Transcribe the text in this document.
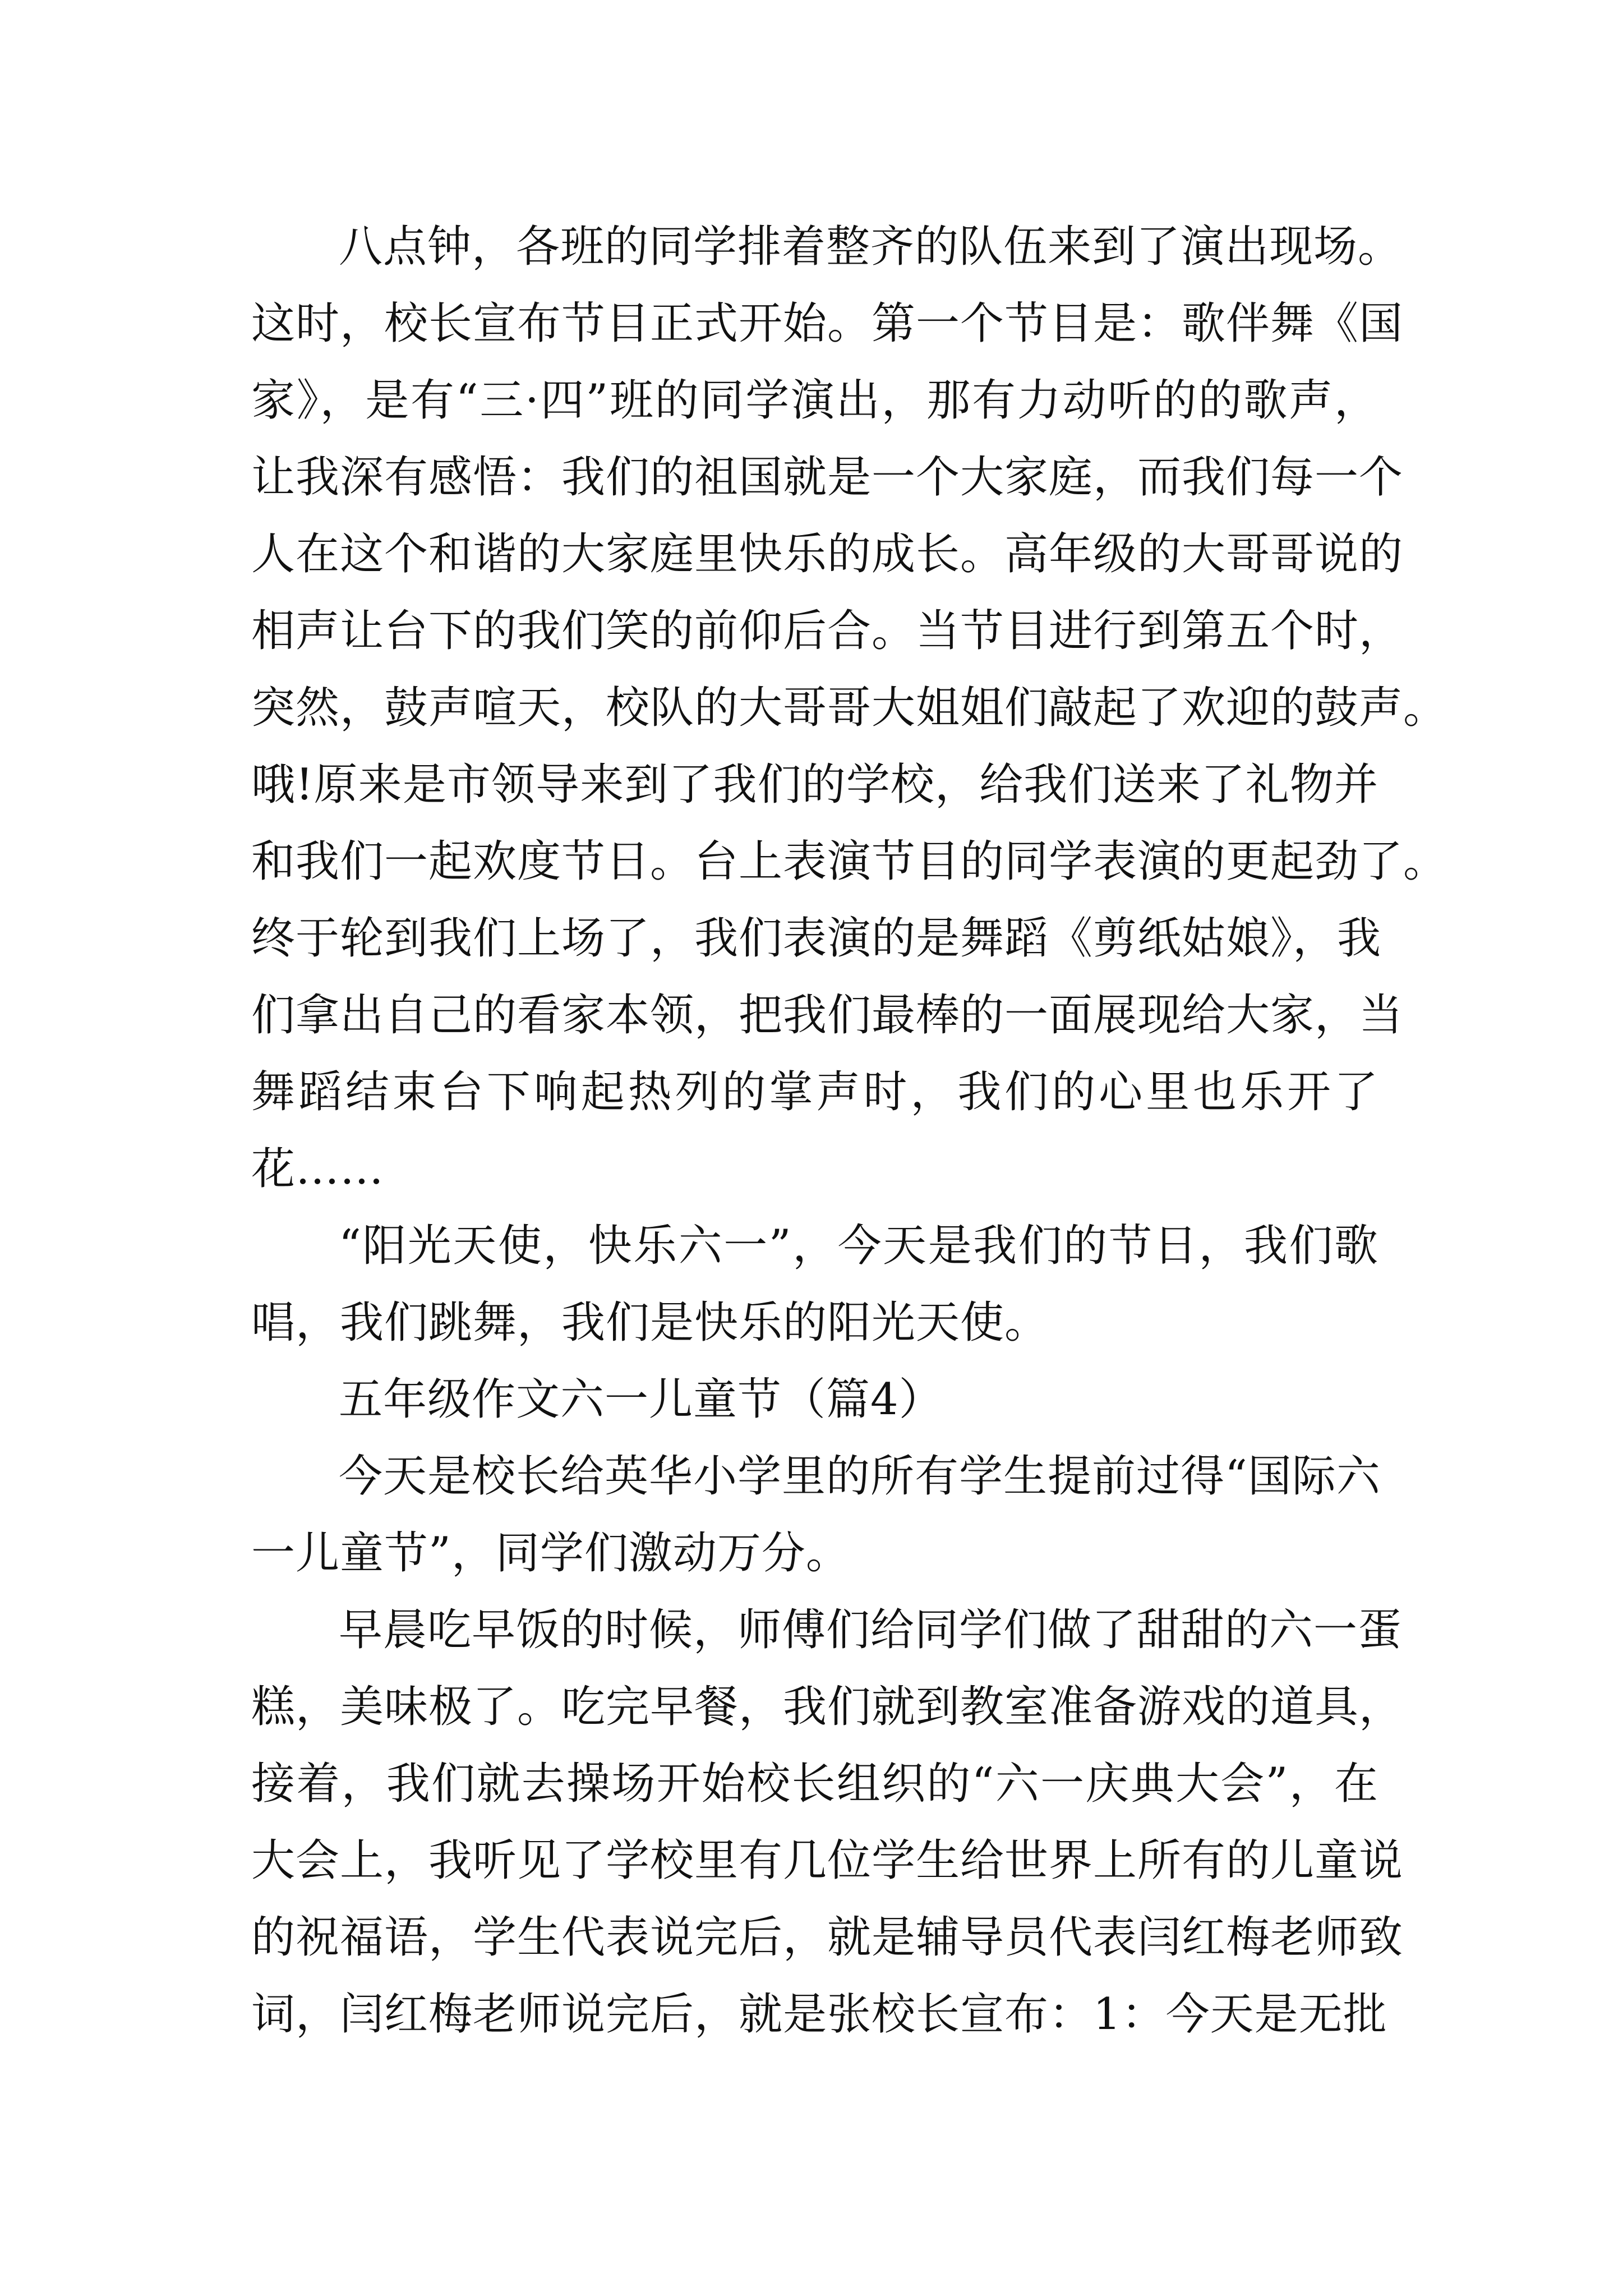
八点钟，各班的同学排着整齐的队伍来到了演出现场。
这时，校长宣布节目正式开始。第一个节目是：歌伴舞《国
家》，是有“三·四”班的同学演出，那有力动听的的歌声，
让我深有感悟：我们的祖国就是一个大家庭，而我们每一个
人在这个和谐的大家庭里快乐的成长。高年级的大哥哥说的
相声让台下的我们笑的前仰后合。当节目进行到第五个时，
突然，鼓声喧天，校队的大哥哥大姐姐们敲起了欢迎的鼓声。
哦!原来是市领导来到了我们的学校，给我们送来了礼物并
和我们一起欢度节日。台上表演节目的同学表演的更起劲了。
终于轮到我们上场了，我们表演的是舞蹈《剪纸姑娘》，我
们拿出自己的看家本领，把我们最棒的一面展现给大家，当
舞蹈结束台下响起热列的掌声时，我们的心里也乐开了
花……

“阳光天使，快乐六一”，今天是我们的节日，我们歌
唱，我们跳舞，我们是快乐的阳光天使。

五年级作文六一儿童节（篇4）

今天是校长给英华小学里的所有学生提前过得“国际六
一儿童节”，同学们激动万分。

早晨吃早饭的时候，师傅们给同学们做了甜甜的六一蛋
糕，美味极了。吃完早餐，我们就到教室准备游戏的道具，
接着，我们就去操场开始校长组织的“六一庆典大会”，在
大会上，我听见了学校里有几位学生给世界上所有的儿童说
的祝福语，学生代表说完后，就是辅导员代表闫红梅老师致
词，闫红梅老师说完后，就是张校长宣布：1：今天是无批
